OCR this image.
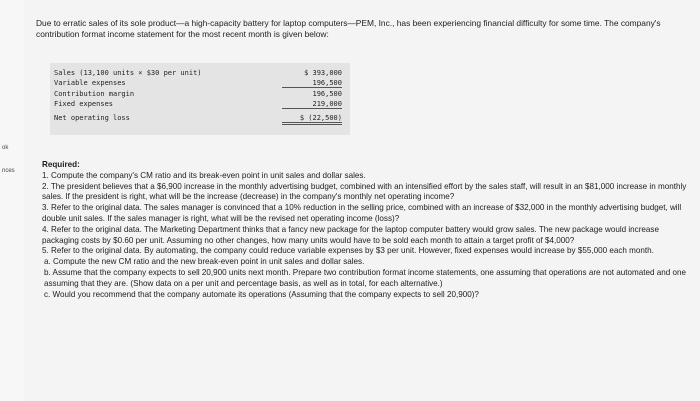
ok
nces
Due to erratic sales of its sole product—a high-capacity battery for laptop computers—PEM, Inc., has been experiencing financial difficulty for some time. The company's contribution format income statement for the most recent month is given below:
Sales (13,100 units × $30 per unit)	$ 393,000
Variable expenses	196,500
Contribution margin	196,500
Fixed expenses	219,000
Net operating loss	$ (22,500)

Required:

1. Compute the company's CM ratio and its break-even point in unit sales and dollar sales.

2. The president believes that a $6,900 increase in the monthly advertising budget, combined with an intensified effort by the sales staff, will result in an $81,000 increase in monthly sales. If the president is right, what will be the increase (decrease) in the company's monthly net operating income?

3. Refer to the original data. The sales manager is convinced that a 10% reduction in the selling price, combined with an increase of $32,000 in the monthly advertising budget, will double unit sales. If the sales manager is right, what will be the revised net operating income (loss)?

4. Refer to the original data. The Marketing Department thinks that a fancy new package for the laptop computer battery would grow sales. The new package would increase packaging costs by $0.60 per unit. Assuming no other changes, how many units would have to be sold each month to attain a target profit of $4,000?

5. Refer to the original data. By automating, the company could reduce variable expenses by $3 per unit. However, fixed expenses would increase by $55,000 each month.

a. Compute the new CM ratio and the new break-even point in unit sales and dollar sales.

b. Assume that the company expects to sell 20,900 units next month. Prepare two contribution format income statements, one assuming that operations are not automated and one assuming that they are. (Show data on a per unit and percentage basis, as well as in total, for each alternative.)

c. Would you recommend that the company automate its operations (Assuming that the company expects to sell 20,900)?
